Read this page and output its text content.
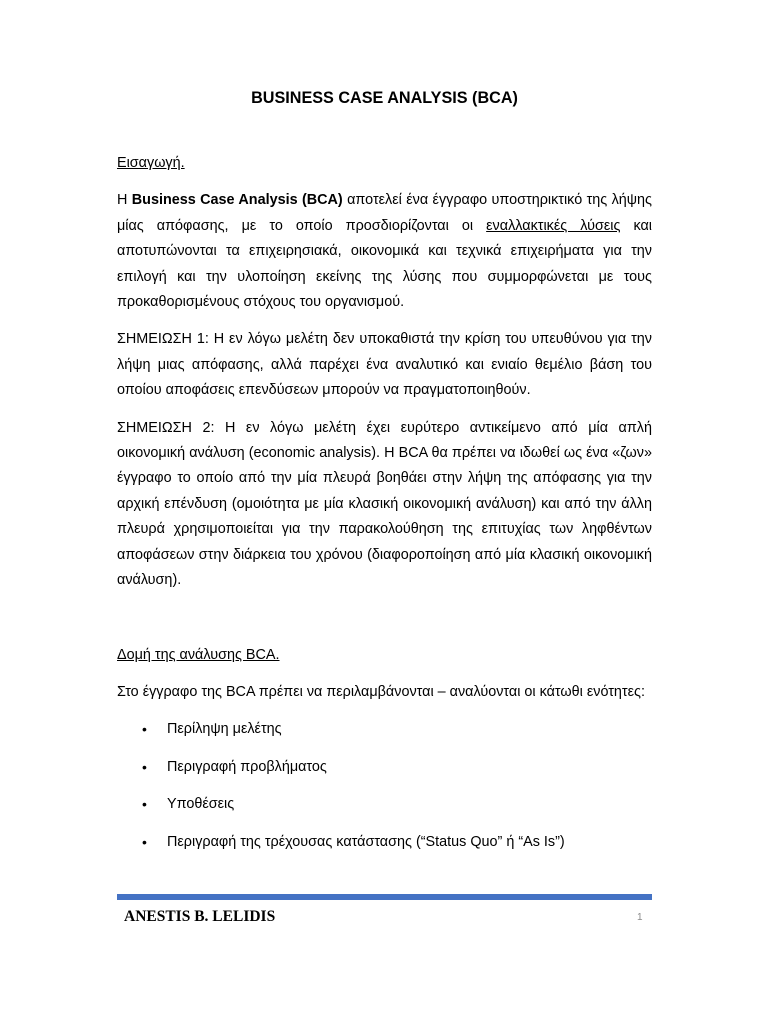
BUSINESS CASE ANALYSIS (BCA)
Εισαγωγή.
Η Business Case Analysis (BCA) αποτελεί ένα έγγραφο υποστηρικτικό της λήψης μίας απόφασης, με το οποίο προσδιορίζονται οι εναλλακτικές λύσεις και αποτυπώνονται τα επιχειρησιακά, οικονομικά και τεχνικά επιχειρήματα για την επιλογή και την υλοποίηση εκείνης της λύσης που συμμορφώνεται με τους προκαθορισμένους στόχους του οργανισμού.
ΣΗΜΕΙΩΣΗ 1: Η εν λόγω μελέτη δεν υποκαθιστά την κρίση του υπευθύνου για την λήψη μιας απόφασης, αλλά παρέχει ένα αναλυτικό και ενιαίο θεμέλιο βάση του οποίου αποφάσεις επενδύσεων μπορούν να πραγματοποιηθούν.
ΣΗΜΕΙΩΣΗ 2: Η εν λόγω μελέτη έχει ευρύτερο αντικείμενο από μία απλή οικονομική ανάλυση (economic analysis). Η BCA θα πρέπει να ιδωθεί ως ένα «ζων» έγγραφο το οποίο από την μία πλευρά βοηθάει στην λήψη της απόφασης για την αρχική επένδυση (ομοιότητα με μία κλασική οικονομική ανάλυση) και από την άλλη πλευρά χρησιμοποιείται για την παρακολούθηση της επιτυχίας των ληφθέντων αποφάσεων στην διάρκεια του χρόνου (διαφοροποίηση από μία κλασική οικονομική ανάλυση).
Δομή της ανάλυσης BCA.
Στο έγγραφο της BCA πρέπει να περιλαμβάνονται – αναλύονται οι κάτωθι ενότητες:
• Περίληψη μελέτης
• Περιγραφή προβλήματος
• Υποθέσεις
• Περιγραφή της τρέχουσας κατάστασης (“Status Quo” ή “As Is”)
ANESTIS B. LELIDIS	1
